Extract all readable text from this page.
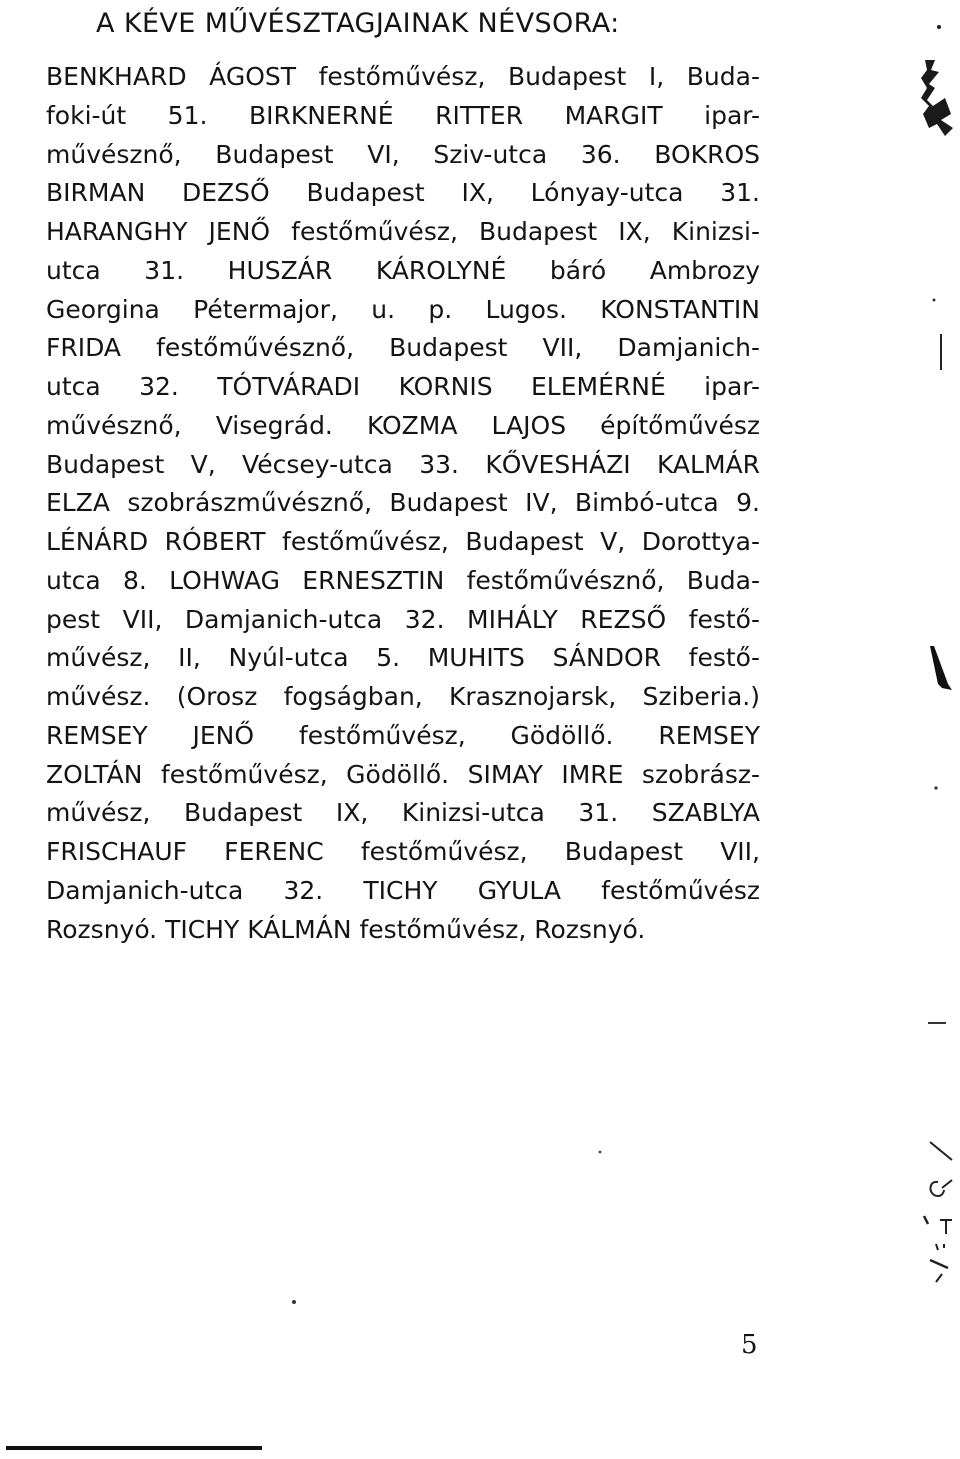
A KÉVE MŰVÉSZTAGJAINAK NÉVSORA:
BENKHARD ÁGOST festőművész, Budapest I, Buda-
foki-út 51. BIRKNERNÉ RITTER MARGIT ipar-
művésznő, Budapest VI, Sziv-utca 36. BOKROS
BIRMAN DEZSŐ Budapest IX, Lónyay-utca 31.
HARANGHY JENŐ festőművész, Budapest IX, Kinizsi-
utca 31. HUSZÁR KÁROLYNÉ báró Ambrozy
Georgina Pétermajor, u. p. Lugos. KONSTANTIN
FRIDA festőművésznő, Budapest VII, Damjanich-
utca 32. TÓTVÁRADI KORNIS ELEMÉRNÉ ipar-
művésznő, Visegrád. KOZMA LAJOS építőművész
Budapest V, Vécsey-utca 33. KŐVESHÁZI KALMÁR
ELZA szobrászművésznő, Budapest IV, Bimbó-utca 9.
LÉNÁRD RÓBERT festőművész, Budapest V, Dorottya-
utca 8. LOHWAG ERNESZTIN festőművésznő, Buda-
pest VII, Damjanich-utca 32. MIHÁLY REZSŐ festő-
művész, II, Nyúl-utca 5. MUHITS SÁNDOR festő-
művész. (Orosz fogságban, Krasznojarsk, Sziberia.)
REMSEY JENŐ festőművész, Gödöllő. REMSEY
ZOLTÁN festőművész, Gödöllő. SIMAY IMRE szobrász-
művész, Budapest IX, Kinizsi-utca 31. SZABLYA
FRISCHAUF FERENC festőművész, Budapest VII,
Damjanich-utca 32. TICHY GYULA festőművész
Rozsnyó. TICHY KÁLMÁN festőművész, Rozsnyó.
5
